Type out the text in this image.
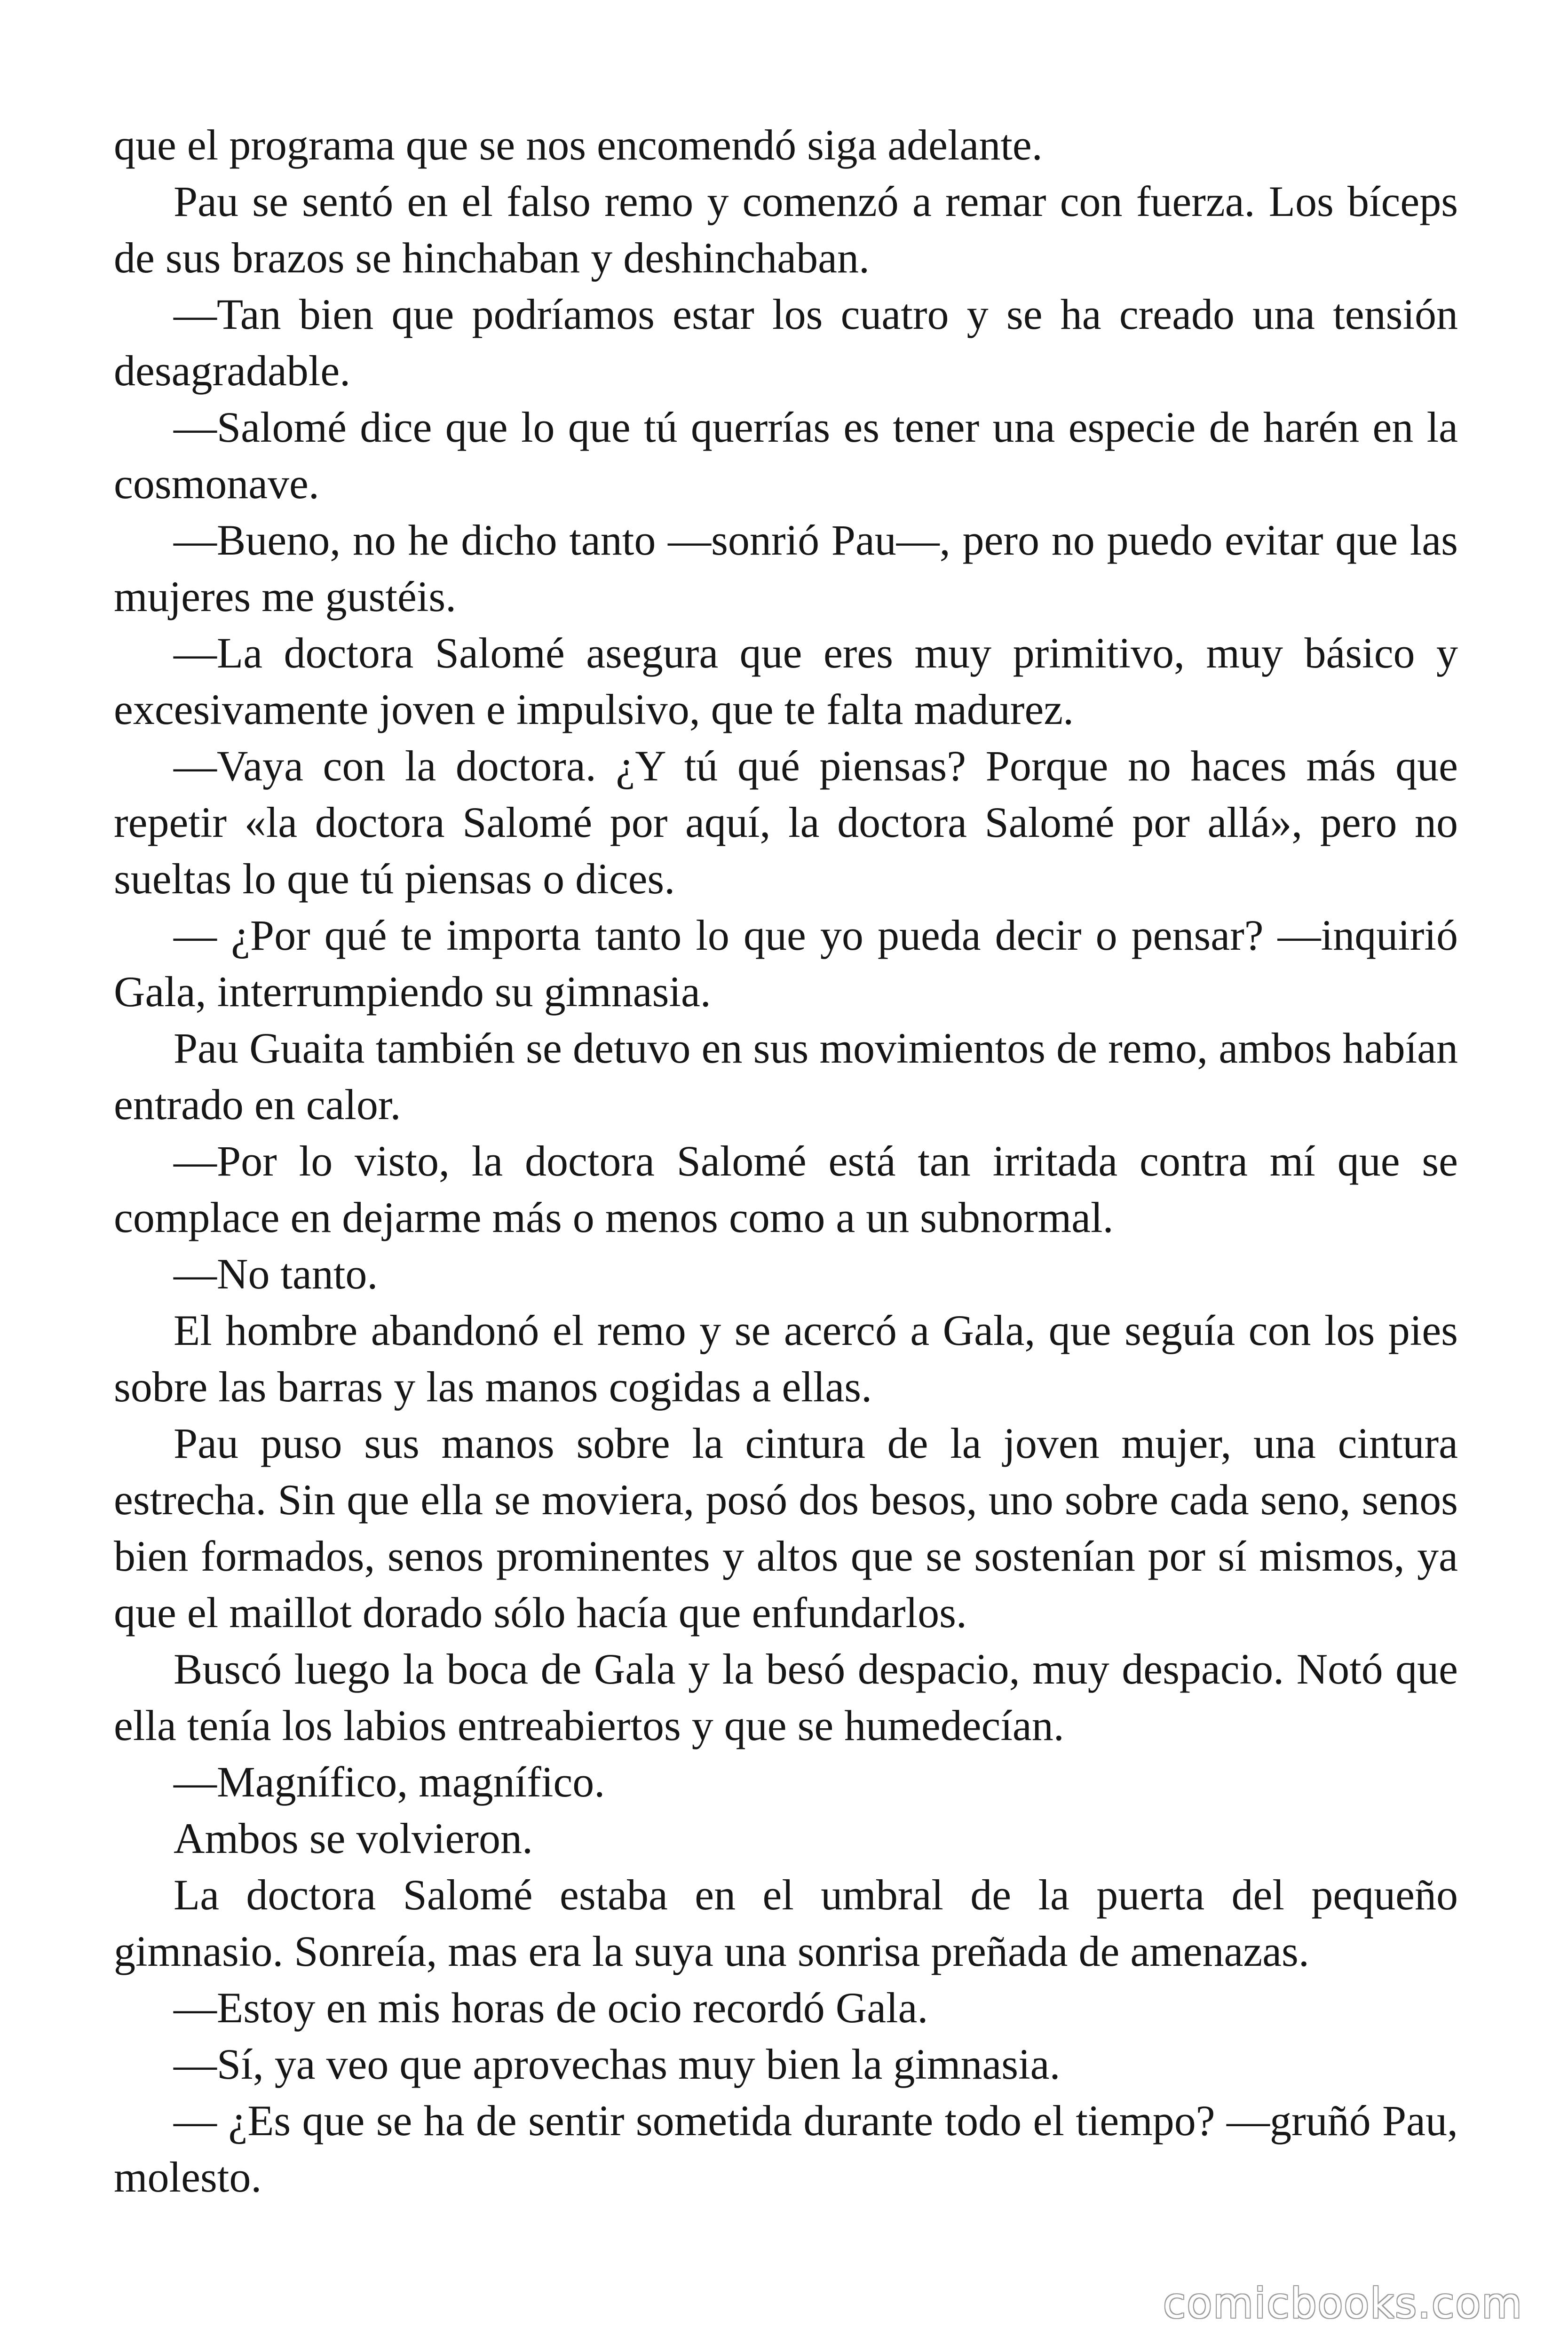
que el programa que se nos encomendó siga adelante.

Pau se sentó en el falso remo y comenzó a remar con fuerza. Los bíceps de sus brazos se hinchaban y deshinchaban.

—Tan bien que podríamos estar los cuatro y se ha creado una tensión desagradable.

—Salomé dice que lo que tú querrías es tener una especie de harén en la cosmonave.

—Bueno, no he dicho tanto —sonrió Pau—, pero no puedo evitar que las mujeres me gustéis.

—La doctora Salomé asegura que eres muy primitivo, muy básico y excesivamente joven e impulsivo, que te falta madurez.

—Vaya con la doctora. ¿Y tú qué piensas? Porque no haces más que repetir «la doctora Salomé por aquí, la doctora Salomé por allá», pero no sueltas lo que tú piensas o dices.

— ¿Por qué te importa tanto lo que yo pueda decir o pensar? —inquirió Gala, interrumpiendo su gimnasia.

Pau Guaita también se detuvo en sus movimientos de remo, ambos habían entrado en calor.

—Por lo visto, la doctora Salomé está tan irritada contra mí que se complace en dejarme más o menos como a un subnormal.

—No tanto.

El hombre abandonó el remo y se acercó a Gala, que seguía con los pies sobre las barras y las manos cogidas a ellas.

Pau puso sus manos sobre la cintura de la joven mujer, una cintura estrecha. Sin que ella se moviera, posó dos besos, uno sobre cada seno, senos bien formados, senos prominentes y altos que se sostenían por sí mismos, ya que el maillot dorado sólo hacía que enfundarlos.

Buscó luego la boca de Gala y la besó despacio, muy despacio. Notó que ella tenía los labios entreabiertos y que se humedecían.

—Magnífico, magnífico.

Ambos se volvieron.

La doctora Salomé estaba en el umbral de la puerta del pequeño gimnasio. Sonreía, mas era la suya una sonrisa preñada de amenazas.

—Estoy en mis horas de ocio recordó Gala.

—Sí, ya veo que aprovechas muy bien la gimnasia.

— ¿Es que se ha de sentir sometida durante todo el tiempo? —gruñó Pau, molesto.

comicbooks.com
